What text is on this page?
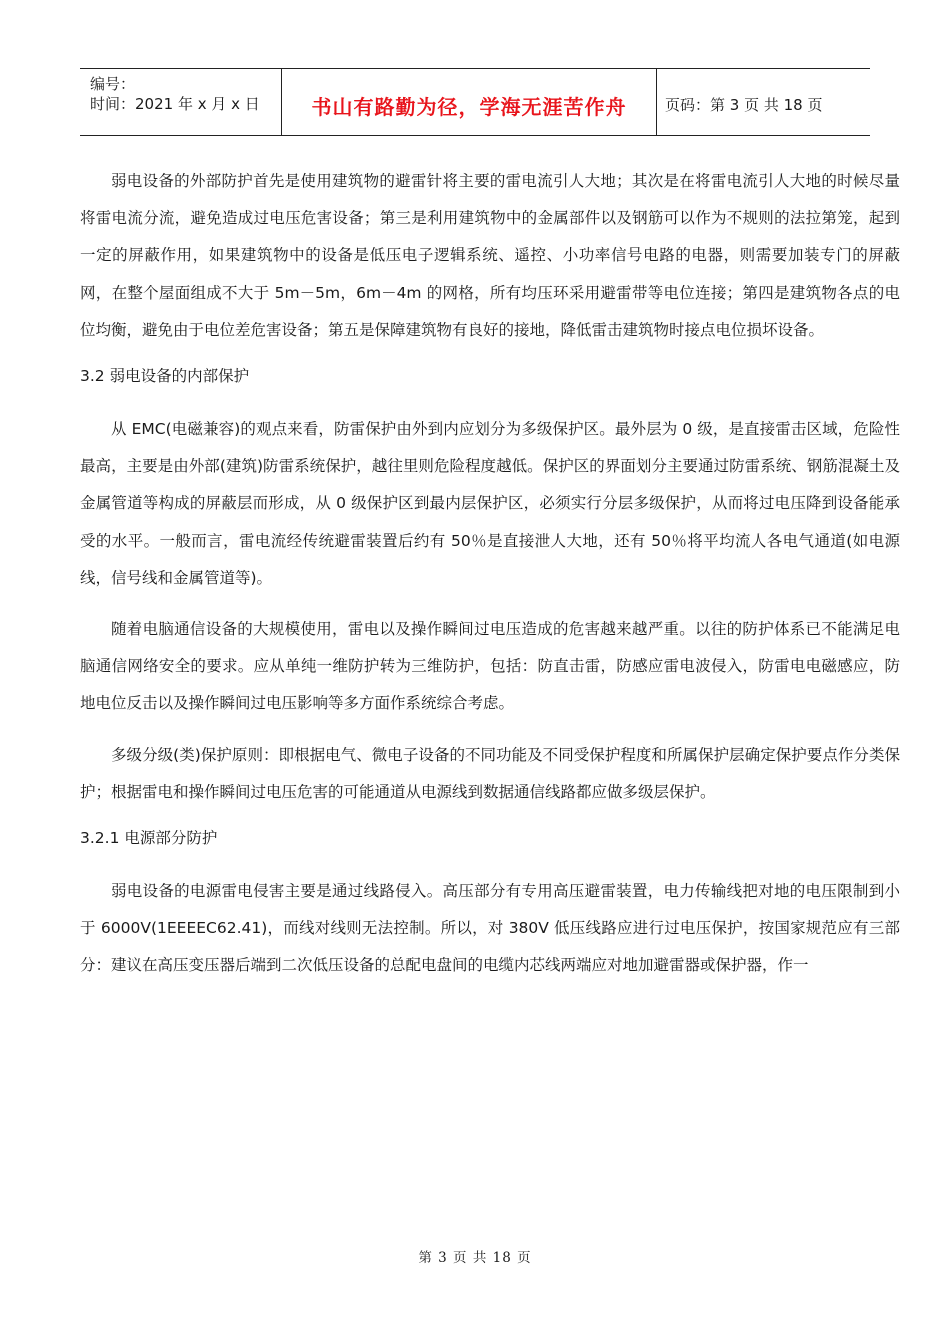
编号：
时间：2021 年 x 月 x 日	书山有路勤为径，学海无涯苦作舟	页码：第 3 页 共 18 页

弱电设备的外部防护首先是使用建筑物的避雷针将主要的雷电流引人大地；其次是在将雷电流引人大地的时候尽量将雷电流分流，避免造成过电压危害设备；第三是利用建筑物中的金属部件以及钢筋可以作为不规则的法拉第笼，起到一定的屏蔽作用，如果建筑物中的设备是低压电子逻辑系统、遥控、小功率信号电路的电器，则需要加装专门的屏蔽网，在整个屋面组成不大于 5m－5m，6m－4m 的网格，所有均压环采用避雷带等电位连接；第四是建筑物各点的电位均衡，避免由于电位差危害设备；第五是保障建筑物有良好的接地，降低雷击建筑物时接点电位损坏设备。

3.2 弱电设备的内部保护

从 EMC(电磁兼容)的观点来看，防雷保护由外到内应划分为多级保护区。最外层为 0 级，是直接雷击区域，危险性最高，主要是由外部(建筑)防雷系统保护，越往里则危险程度越低。保护区的界面划分主要通过防雷系统、钢筋混凝土及金属管道等构成的屏蔽层而形成，从 0 级保护区到最内层保护区，必须实行分层多级保护，从而将过电压降到设备能承受的水平。一般而言，雷电流经传统避雷装置后约有 50％是直接泄人大地，还有 50％将平均流人各电气通道(如电源线，信号线和金属管道等)。

随着电脑通信设备的大规模使用，雷电以及操作瞬间过电压造成的危害越来越严重。以往的防护体系已不能满足电脑通信网络安全的要求。应从单纯一维防护转为三维防护，包括：防直击雷，防感应雷电波侵入，防雷电电磁感应，防地电位反击以及操作瞬间过电压影响等多方面作系统综合考虑。

多级分级(类)保护原则：即根据电气、微电子设备的不同功能及不同受保护程度和所属保护层确定保护要点作分类保护；根据雷电和操作瞬间过电压危害的可能通道从电源线到数据通信线路都应做多级层保护。

3.2.1 电源部分防护

弱电设备的电源雷电侵害主要是通过线路侵入。高压部分有专用高压避雷装置，电力传输线把对地的电压限制到小于 6000V(1EEEEC62.41)，而线对线则无法控制。所以，对 380V 低压线路应进行过电压保护，按国家规范应有三部分：建议在高压变压器后端到二次低压设备的总配电盘间的电缆内芯线两端应对地加避雷器或保护器，作一

第 3 页 共 18 页
